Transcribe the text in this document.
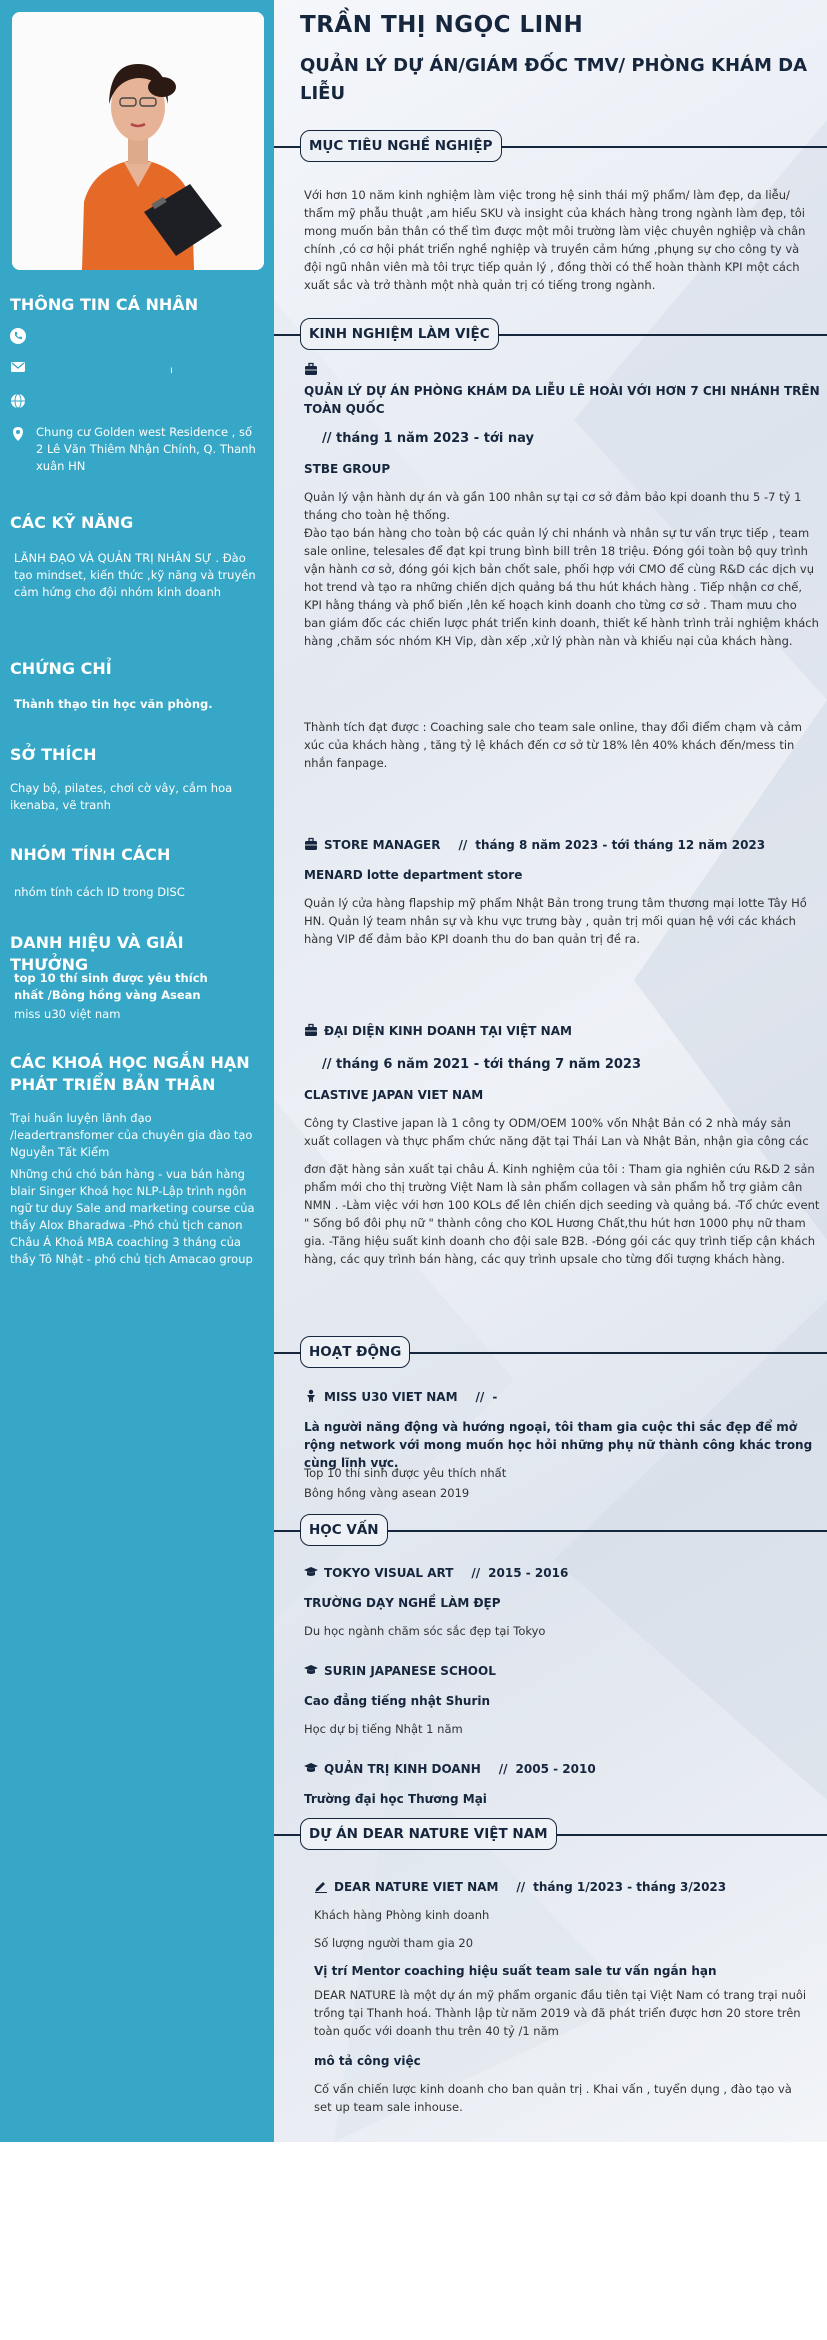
THÔNG TIN CÁ NHÂN
ı
Chung cư Golden west Residence , số 2 Lê Văn Thiêm Nhận Chính, Q. Thanh xuân HN
CÁC KỸ NĂNG
LÃNH ĐẠO VÀ QUẢN TRỊ NHÂN SỰ . Đào tạo mindset, kiến thức ,kỹ năng và truyền cảm hứng cho đội nhóm kinh doanh
CHỨNG CHỈ
Thành thạo tin học văn phòng.
SỞ THÍCH
Chạy bộ, pilates, chơi cờ vây, cắm hoa ikenaba, vẽ tranh
NHÓM TÍNH CÁCH
nhóm tính cách ID trong DISC
DANH HIỆU VÀ GIẢI THƯỞNG
top 10 thí sinh được yêu thích nhất /Bông hồng vàng Asean
miss u30 việt nam
CÁC KHOÁ HỌC NGẮN HẠN PHÁT TRIỂN BẢN THÂN
Trại huấn luyện lãnh đạo /leadertransfomer của chuyên gia đào tạo Nguyễn Tất Kiểm
Những chú chó bán hàng - vua bán hàng blair Singer Khoá học NLP-Lập trình ngôn ngữ tư duy Sale and marketing course của thầy Alox Bharadwa -Phó chủ tịch canon Châu Á Khoá MBA coaching 3 tháng của thầy Tô Nhật - phó chủ tịch Amacao group
TRẦN THỊ NGỌC LINH
QUẢN LÝ DỰ ÁN/GIÁM ĐỐC TMV/ PHÒNG KHÁM DA LIỄU
MỤC TIÊU NGHỀ NGHIỆP
Với hơn 10 năm kinh nghiệm làm việc trong hệ sinh thái mỹ phẩm/ làm đẹp, da liễu/ thẩm mỹ phẫu thuật ,am hiểu SKU và insight của khách hàng trong ngành làm đẹp, tôi mong muốn bản thân có thể tìm được một môi trường làm việc chuyên nghiệp và chân chính ,có cơ hội phát triển nghề nghiệp và truyền cảm hứng ,phụng sự cho công ty và đội ngũ nhân viên mà tôi trực tiếp quản lý , đồng thời có thể hoàn thành KPI một cách xuất sắc và trở thành một nhà quản trị có tiếng trong ngành.
KINH NGHIỆM LÀM VIỆC
QUẢN LÝ DỰ ÁN PHÒNG KHÁM DA LIỄU LÊ HOÀI VỚI HƠN 7 CHI NHÁNH TRÊN TOÀN QUỐC
// tháng 1 năm 2023 - tới nay
STBE GROUP
Quản lý vận hành dự án và gần 100 nhân sự tại cơ sở đảm bảo kpi doanh thu 5 -7 tỷ 1 tháng cho toàn hệ thống.
Đào tạo bán hàng cho toàn bộ các quản lý chi nhánh và nhân sự tư vấn trực tiếp , team sale online, telesales để đạt kpi trung bình bill trên 18 triệu. Đóng gói toàn bộ quy trình vận hành cơ sở, đóng gói kịch bản chốt sale, phối hợp với CMO để cùng R&D các dịch vụ hot trend và tạo ra những chiến dịch quảng bá thu hút khách hàng . Tiếp nhận cơ chế, KPI hằng tháng và phổ biến ,lên kế hoạch kinh doanh cho từng cơ sở . Tham mưu cho ban giám đốc các chiến lược phát triển kinh doanh, thiết kế hành trình trải nghiệm khách hàng ,chăm sóc nhóm KH Vip, dàn xếp ,xử lý phàn nàn và khiếu nại của khách hàng.
Thành tích đạt được : Coaching sale cho team sale online, thay đổi điểm chạm và cảm xúc của khách hàng , tăng tỷ lệ khách đến cơ sở từ 18% lên 40% khách đến/mess tin nhắn fanpage.
STORE MANAGER // tháng 8 năm 2023 - tới tháng 12 năm 2023
MENARD lotte department store
Quản lý cửa hàng flapship mỹ phẩm Nhật Bản trong trung tâm thương mại lotte Tây Hồ HN. Quản lý team nhân sự và khu vực trưng bày , quản trị mối quan hệ với các khách hàng VIP để đảm bảo KPI doanh thu do ban quản trị đề ra.
ĐẠI DIỆN KINH DOANH TẠI VIỆT NAM
// tháng 6 năm 2021 - tới tháng 7 năm 2023
CLASTIVE JAPAN VIET NAM
Công ty Clastive japan là 1 công ty ODM/OEM 100% vốn Nhật Bản có 2 nhà máy sản xuất collagen và thực phẩm chức năng đặt tại Thái Lan và Nhật Bản, nhận gia công các
đơn đặt hàng sản xuất tại châu Á. Kinh nghiệm của tôi : Tham gia nghiên cứu R&D 2 sản phẩm mới cho thị trường Việt Nam là sản phẩm collagen và sản phẩm hỗ trợ giảm cân NMN . -Làm việc với hơn 100 KOLs để lên chiến dịch seeding và quảng bá. -Tổ chức event " Sống bồ đôi phụ nữ " thành công cho KOL Hương Chất,thu hút hơn 1000 phụ nữ tham gia. -Tăng hiệu suất kinh doanh cho đội sale B2B. -Đóng gói các quy trình tiếp cận khách hàng, các quy trình bán hàng, các quy trình upsale cho từng đối tượng khách hàng.
HOẠT ĐỘNG
MISS U30 VIET NAM // -
Là người năng động và hướng ngoại, tôi tham gia cuộc thi sắc đẹp để mở rộng network với mong muốn học hỏi những phụ nữ thành công khác trong cùng lĩnh vực.
Top 10 thí sinh được yêu thích nhất
Bông hồng vàng asean 2019
HỌC VẤN
TOKYO VISUAL ART // 2015 - 2016
TRƯỜNG DẠY NGHỀ LÀM ĐẸP
Du học ngành chăm sóc sắc đẹp tại Tokyo
SURIN JAPANESE SCHOOL
Cao đẳng tiếng nhật Shurin
Học dự bị tiếng Nhật 1 năm
QUẢN TRỊ KINH DOANH // 2005 - 2010
Trường đại học Thương Mại
DỰ ÁN DEAR NATURE VIỆT NAM
DEAR NATURE VIET NAM // tháng 1/2023 - tháng 3/2023
Khách hàng Phòng kinh doanh
Số lượng người tham gia 20
Vị trí Mentor coaching hiệu suất team sale tư vấn ngắn hạn
DEAR NATURE là một dự án mỹ phẩm organic đầu tiên tại Việt Nam có trang trại nuôi trồng tại Thanh hoá. Thành lập từ năm 2019 và đã phát triển được hơn 20 store trên toàn quốc với doanh thu trên 40 tỷ /1 năm
mô tả công việc
Cố vấn chiến lược kinh doanh cho ban quản trị . Khai vấn , tuyển dụng , đào tạo và set up team sale inhouse.
